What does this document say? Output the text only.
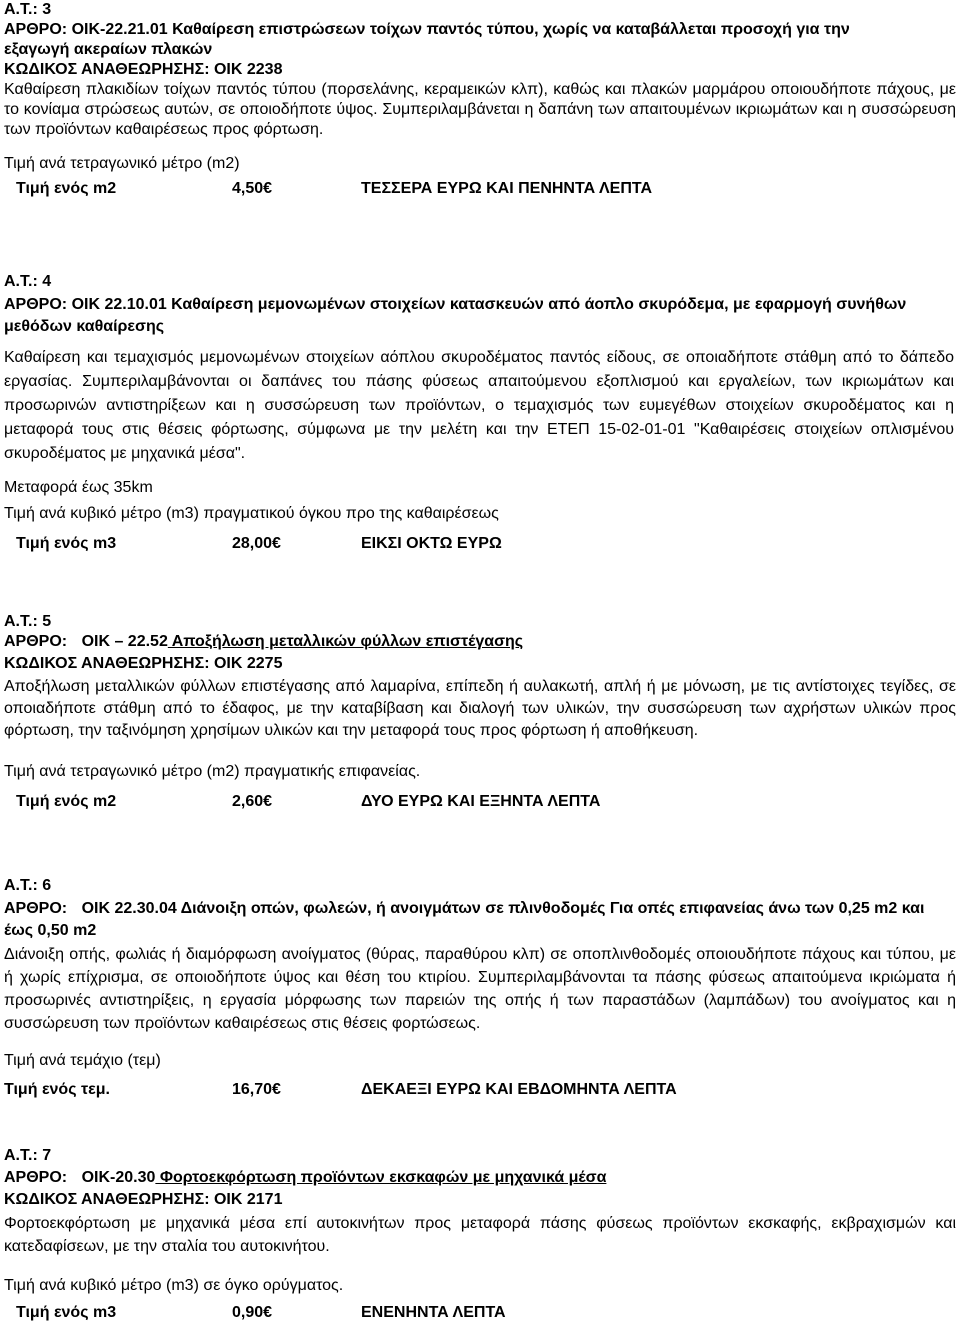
Α.Τ.: 3
ΑΡΘΡΟ: ΟΙΚ-22.21.01 Καθαίρεση επιστρώσεων τοίχων παντός τύπου, χωρίς να καταβάλλεται προσοχή για την εξαγωγή ακεραίων πλακών
ΚΩΔΙΚΟΣ ΑΝΑΘΕΩΡΗΣΗΣ: ΟΙΚ 2238
Καθαίρεση πλακιδίων τοίχων παντός τύπου (πορσελάνης, κεραμεικών κλπ), καθώς και πλακών μαρμάρου οποιουδήποτε πάχους, με το κονίαμα στρώσεως αυτών, σε οποιοδήποτε ύψος. Συμπεριλαμβάνεται η δαπάνη των απαιτουμένων ικριωμάτων και η συσσώρευση των προϊόντων καθαιρέσεως προς φόρτωση.
Τιμή ανά τετραγωνικό μέτρο (m2)
Τιμή ενός m2	4,50€	ΤΕΣΣΕΡΑ ΕΥΡΩ ΚΑΙ ΠΕΝΗΝΤΑ ΛΕΠΤΑ
Α.Τ.: 4
ΑΡΘΡΟ: ΟΙΚ 22.10.01 Καθαίρεση μεμονωμένων στοιχείων κατασκευών από άοπλο σκυρόδεμα, με εφαρμογή συνήθων μεθόδων καθαίρεσης
Καθαίρεση και τεμαχισμός μεμονωμένων στοιχείων αόπλου σκυροδέματος παντός είδους, σε οποιαδήποτε στάθμη από το δάπεδο εργασίας. Συμπεριλαμβάνονται οι δαπάνες του πάσης φύσεως απαιτούμενου εξοπλισμού και εργαλείων, των ικριωμάτων και προσωρινών αντιστηρίξεων και η συσσώρευση των προϊόντων, ο τεμαχισμός των ευμεγέθων στοιχείων σκυροδέματος και η μεταφορά τους στις θέσεις φόρτωσης, σύμφωνα με την μελέτη και την ΕΤΕΠ 15-02-01-01 "Καθαιρέσεις στοιχείων οπλισμένου σκυροδέματος με μηχανικά μέσα".
Μεταφορά έως 35km
Τιμή ανά κυβικό μέτρο (m3) πραγματικού όγκου προ της καθαιρέσεως
Τιμή ενός m3	28,00€	ΕΙΚΣΙ ΟΚΤΩ ΕΥΡΩ
Α.Τ.: 5
ΑΡΘΡΟ: ΟΙΚ – 22.52 Αποξήλωση μεταλλικών φύλλων επιστέγασης
ΚΩΔΙΚΟΣ ΑΝΑΘΕΩΡΗΣΗΣ: ΟΙΚ 2275
Αποξήλωση μεταλλικών φύλλων επιστέγασης από λαμαρίνα, επίπεδη ή αυλακωτή, απλή ή με μόνωση, με τις αντίστοιχες τεγίδες, σε οποιαδήποτε στάθμη από το έδαφος, με την καταβίβαση και διαλογή των υλικών, την συσσώρευση των αχρήστων υλικών προς φόρτωση, την ταξινόμηση χρησίμων υλικών και την μεταφορά τους προς φόρτωση ή αποθήκευση.
Τιμή ανά τετραγωνικό μέτρο (m2) πραγματικής επιφανείας.
Τιμή ενός m2	2,60€	ΔΥΟ ΕΥΡΩ ΚΑΙ ΕΞΗΝΤΑ ΛΕΠΤΑ
Α.Τ.: 6
ΑΡΘΡΟ: ΟΙΚ 22.30.04 Διάνοιξη οπών, φωλεών, ή ανοιγμάτων σε πλινθοδομές Για οπές επιφανείας άνω των 0,25 m2 και έως 0,50 m2
Διάνοιξη οπής, φωλιάς ή διαμόρφωση ανοίγματος (θύρας, παραθύρου κλπ) σε οποπλινθοδομές οποιουδήποτε πάχους και τύπου, με ή χωρίς επίχρισμα, σε οποιοδήποτε ύψος και θέση του κτιρίου. Συμπεριλαμβάνονται τα πάσης φύσεως απαιτούμενα ικριώματα ή προσωρινές αντιστηρίξεις, η εργασία μόρφωσης των παρειών της οπής ή των παραστάδων (λαμπάδων) του ανοίγματος και η συσσώρευση των προϊόντων καθαιρέσεως στις θέσεις φορτώσεως.
Τιμή ανά τεμάχιο (τεμ)
Τιμή ενός τεμ.	16,70€	ΔΕΚΑΕΞΙ ΕΥΡΩ ΚΑΙ ΕΒΔΟΜΗΝΤΑ ΛΕΠΤΑ
Α.Τ.: 7
ΑΡΘΡΟ: ΟΙΚ-20.30 Φορτοεκφόρτωση προϊόντων εκσκαφών με μηχανικά μέσα
ΚΩΔΙΚΟΣ ΑΝΑΘΕΩΡΗΣΗΣ: ΟΙΚ 2171
Φορτοεκφόρτωση με μηχανικά μέσα επί αυτοκινήτων προς μεταφορά πάσης φύσεως προϊόντων εκσκαφής, εκβραχισμών και κατεδαφίσεων, με την σταλία του αυτοκινήτου.
Τιμή ανά κυβικό μέτρο (m3) σε όγκο ορύγματος.
Τιμή ενός m3	0,90€	ΕΝΕΝΗΝΤΑ ΛΕΠΤΑ
